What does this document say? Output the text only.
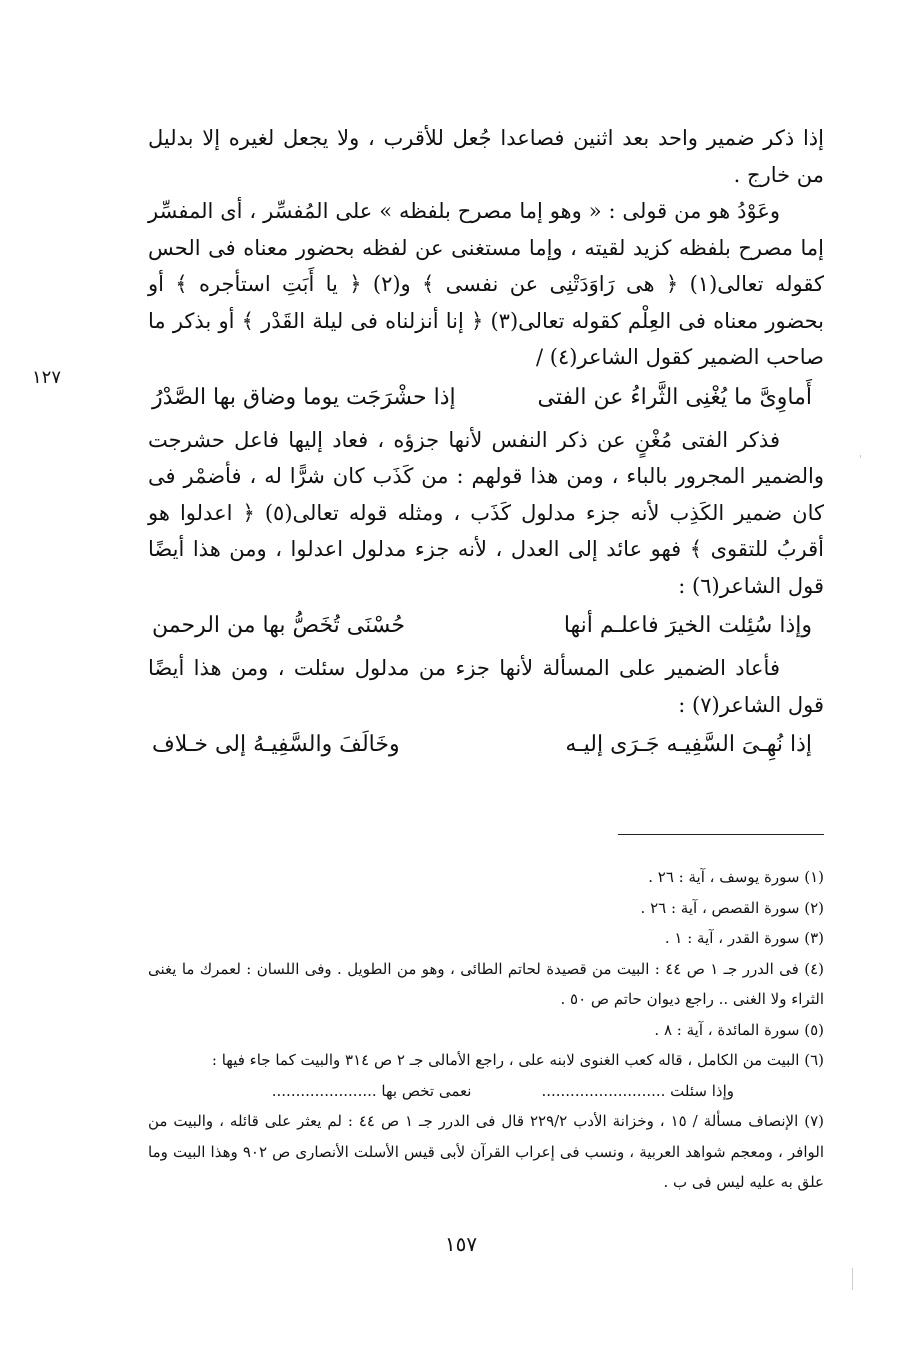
١٢٧

إذا ذكر ضمير واحد بعد اثنين فصاعدا جُعل للأقرب ، ولا يجعل لغيره إلا بدليل من خارج .

وعَوْدُ هو من قولى : « وهو إما مصرح بلفظه » على المُفسِّر ، أى المفسِّر إما مصرح بلفظه كزيد لقيته ، وإما مستغنى عن لفظه بحضور معناه فى الحس كقوله تعالى(١) ﴿ هى رَاوَدَتْنِى عن نفسى ﴾ و(٢) ﴿ يا أَبَتِ استأجره ﴾ أو بحضور معناه فى العِلْم كقوله تعالى(٣) ﴿ إنا أنزلناه فى ليلة القَدْر ﴾ أو بذكر ما صاحب الضمير كقول الشاعر(٤) /

أَماوِىَّ ما يُغْنِى الثَّراءُ عن الفتى
إذا حشْرَجَت يوما وضاق بها الصَّدْرُ

فذكر الفتى مُغْنٍ عن ذكر النفس لأنها جزؤه ، فعاد إليها فاعل حشرجت والضمير المجرور بالباء ، ومن هذا قولهم : من كَذَب كان شرًّا له ، فأضمْر فى كان ضمير الكَذِب لأنه جزء مدلول كَذَب ، ومثله قوله تعالى(٥) ﴿ اعدلوا هو أقربُ للتقوى ﴾ فهو عائد إلى العدل ، لأنه جزء مدلول اعدلوا ، ومن هذا أيضًا قول الشاعر(٦) :

وإذا سُئِلت الخيرَ فاعلـم أنها
حُسْنَى تُخَصُّ بها من الرحمن

فأعاد الضمير على المسألة لأنها جزء من مدلول سئلت ، ومن هذا أيضًا قول الشاعر(٧) :

إذا نُهِـىَ السَّفِيـه جَـرَى إليـه
وخَالَفَ والسَّفِيـهُ إلى خـلاف

(١) سورة يوسف ، آية : ٢٦ .

(٢) سورة القصص ، آية : ٢٦ .

(٣) سورة القدر ، آية : ١ .

(٤) فى الدرر جـ ١ ص ٤٤ : البيت من قصيدة لحاتم الطائى ، وهو من الطويل . وفى اللسان : لعمرك ما يغنى الثراء ولا الغنى .. راجع ديوان حاتم ص ٥٠ .

(٥) سورة المائدة ، آية : ٨ .

(٦) البيت من الكامل ، قاله كعب الغنوى لابنه على ، راجع الأمالى جـ ٢ ص ٣١٤ والبيت كما جاء فيها :

وإذا سئلت ..........................
نعمى تخص بها ......................

(٧) الإنصاف مسألة / ١٥ ، وخزانة الأدب ٢٢٩/٢ قال فى الدرر جـ ١ ص ٤٤ : لم يعثر على قائله ، والبيت من الوافر ، ومعجم شواهد العربية ، ونسب فى إعراب القرآن لأبى قيس الأسلت الأنصارى ص ٩٠٢ وهذا البيت وما علق به عليه ليس فى ب .

١٥٧
